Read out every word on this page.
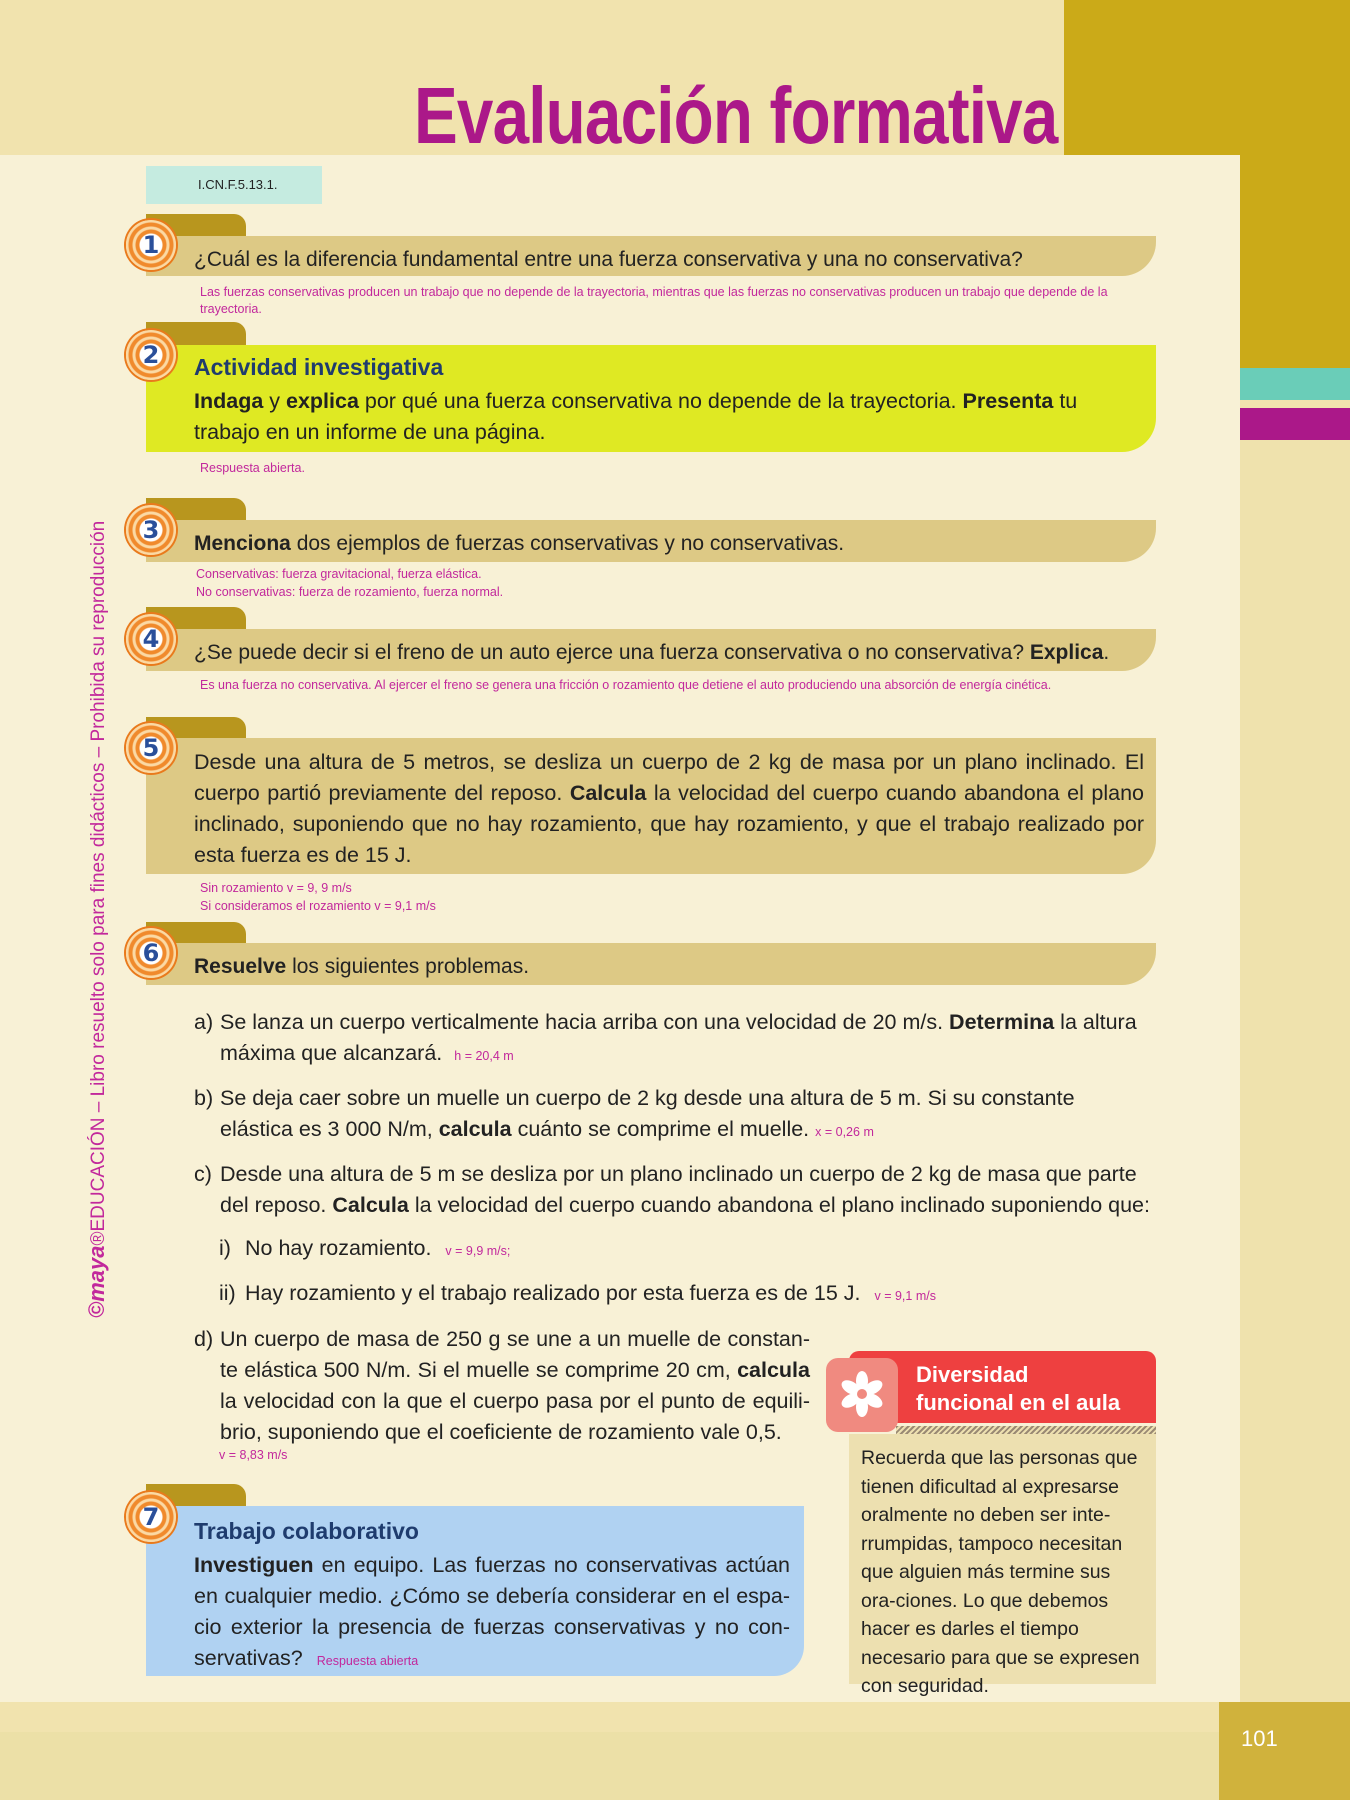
101
Evaluación formativa
I.CN.F.5.13.1.
©maya®EDUCACIÓN – Libro resuelto solo para fines didácticos – Prohibida su reproducción
1
¿Cuál es la diferencia fundamental entre una fuerza conservativa y una no conservativa?
Las fuerzas conservativas producen un trabajo que no depende de la trayectoria, mientras que las fuerzas no conservativas producen un trabajo que depende de la trayectoria.
2	Actividad investigativa
Indaga y explica por qué una fuerza conservativa no depende de la trayectoria. Presenta tu trabajo en un informe de una página.
Respuesta abierta.
3	Menciona dos ejemplos de fuerzas conservativas y no conservativas.
Conservativas: fuerza gravitacional, fuerza elástica.
No conservativas: fuerza de rozamiento, fuerza normal.
4	¿Se puede decir si el freno de un auto ejerce una fuerza conservativa o no conservativa? Explica.
Es una fuerza no conservativa. Al ejercer el freno se genera una fricción o rozamiento que detiene el auto produciendo una absorción de energía cinética.
5	Desde una altura de 5 metros, se desliza un cuerpo de 2 kg de masa por un plano inclinado. El cuerpo partió previamente del reposo. Calcula la velocidad del cuerpo cuando abandona el plano inclinado, suponiendo que no hay rozamiento, que hay rozamiento, y que el trabajo realizado por esta fuerza es de 15 J.
Sin rozamiento v = 9, 9 m/s
Si consideramos el rozamiento v = 9,1 m/s
6	Resuelve los siguientes problemas.
a) Se lanza un cuerpo verticalmente hacia arriba con una velocidad de 20 m/s. Determina la altura máxima que alcanzará. h = 20,4 m
b) Se deja caer sobre un muelle un cuerpo de 2 kg desde una altura de 5 m. Si su constante elástica es 3 000 N/m, calcula cuánto se comprime el muelle. x = 0,26 m
c) Desde una altura de 5 m se desliza por un plano inclinado un cuerpo de 2 kg de masa que parte del reposo. Calcula la velocidad del cuerpo cuando abandona el plano inclinado suponiendo que:
i) No hay rozamiento. v = 9,9 m/s;
ii) Hay rozamiento y el trabajo realizado por esta fuerza es de 15 J. v = 9,1 m/s
d) Un cuerpo de masa de 250 g se une a un muelle de constan-te elástica 500 N/m. Si el muelle se comprime 20 cm, calcula la velocidad con la que el cuerpo pasa por el punto de equili-brio, suponiendo que el coeficiente de rozamiento vale 0,5.
v = 8,83 m/s
7	Trabajo colaborativo
Investiguen en equipo. Las fuerzas no conservativas actúan en cualquier medio. ¿Cómo se debería considerar en el espa-cio exterior la presencia de fuerzas conservativas y no con-servativas? Respuesta abierta
Diversidad
funcional en el aula
Recuerda que las personas que tienen dificultad al expresarse oralmente no deben ser inte-rrumpidas, tampoco necesitan que alguien más termine sus ora-ciones. Lo que debemos hacer es darles el tiempo necesario para que se expresen con seguridad.
